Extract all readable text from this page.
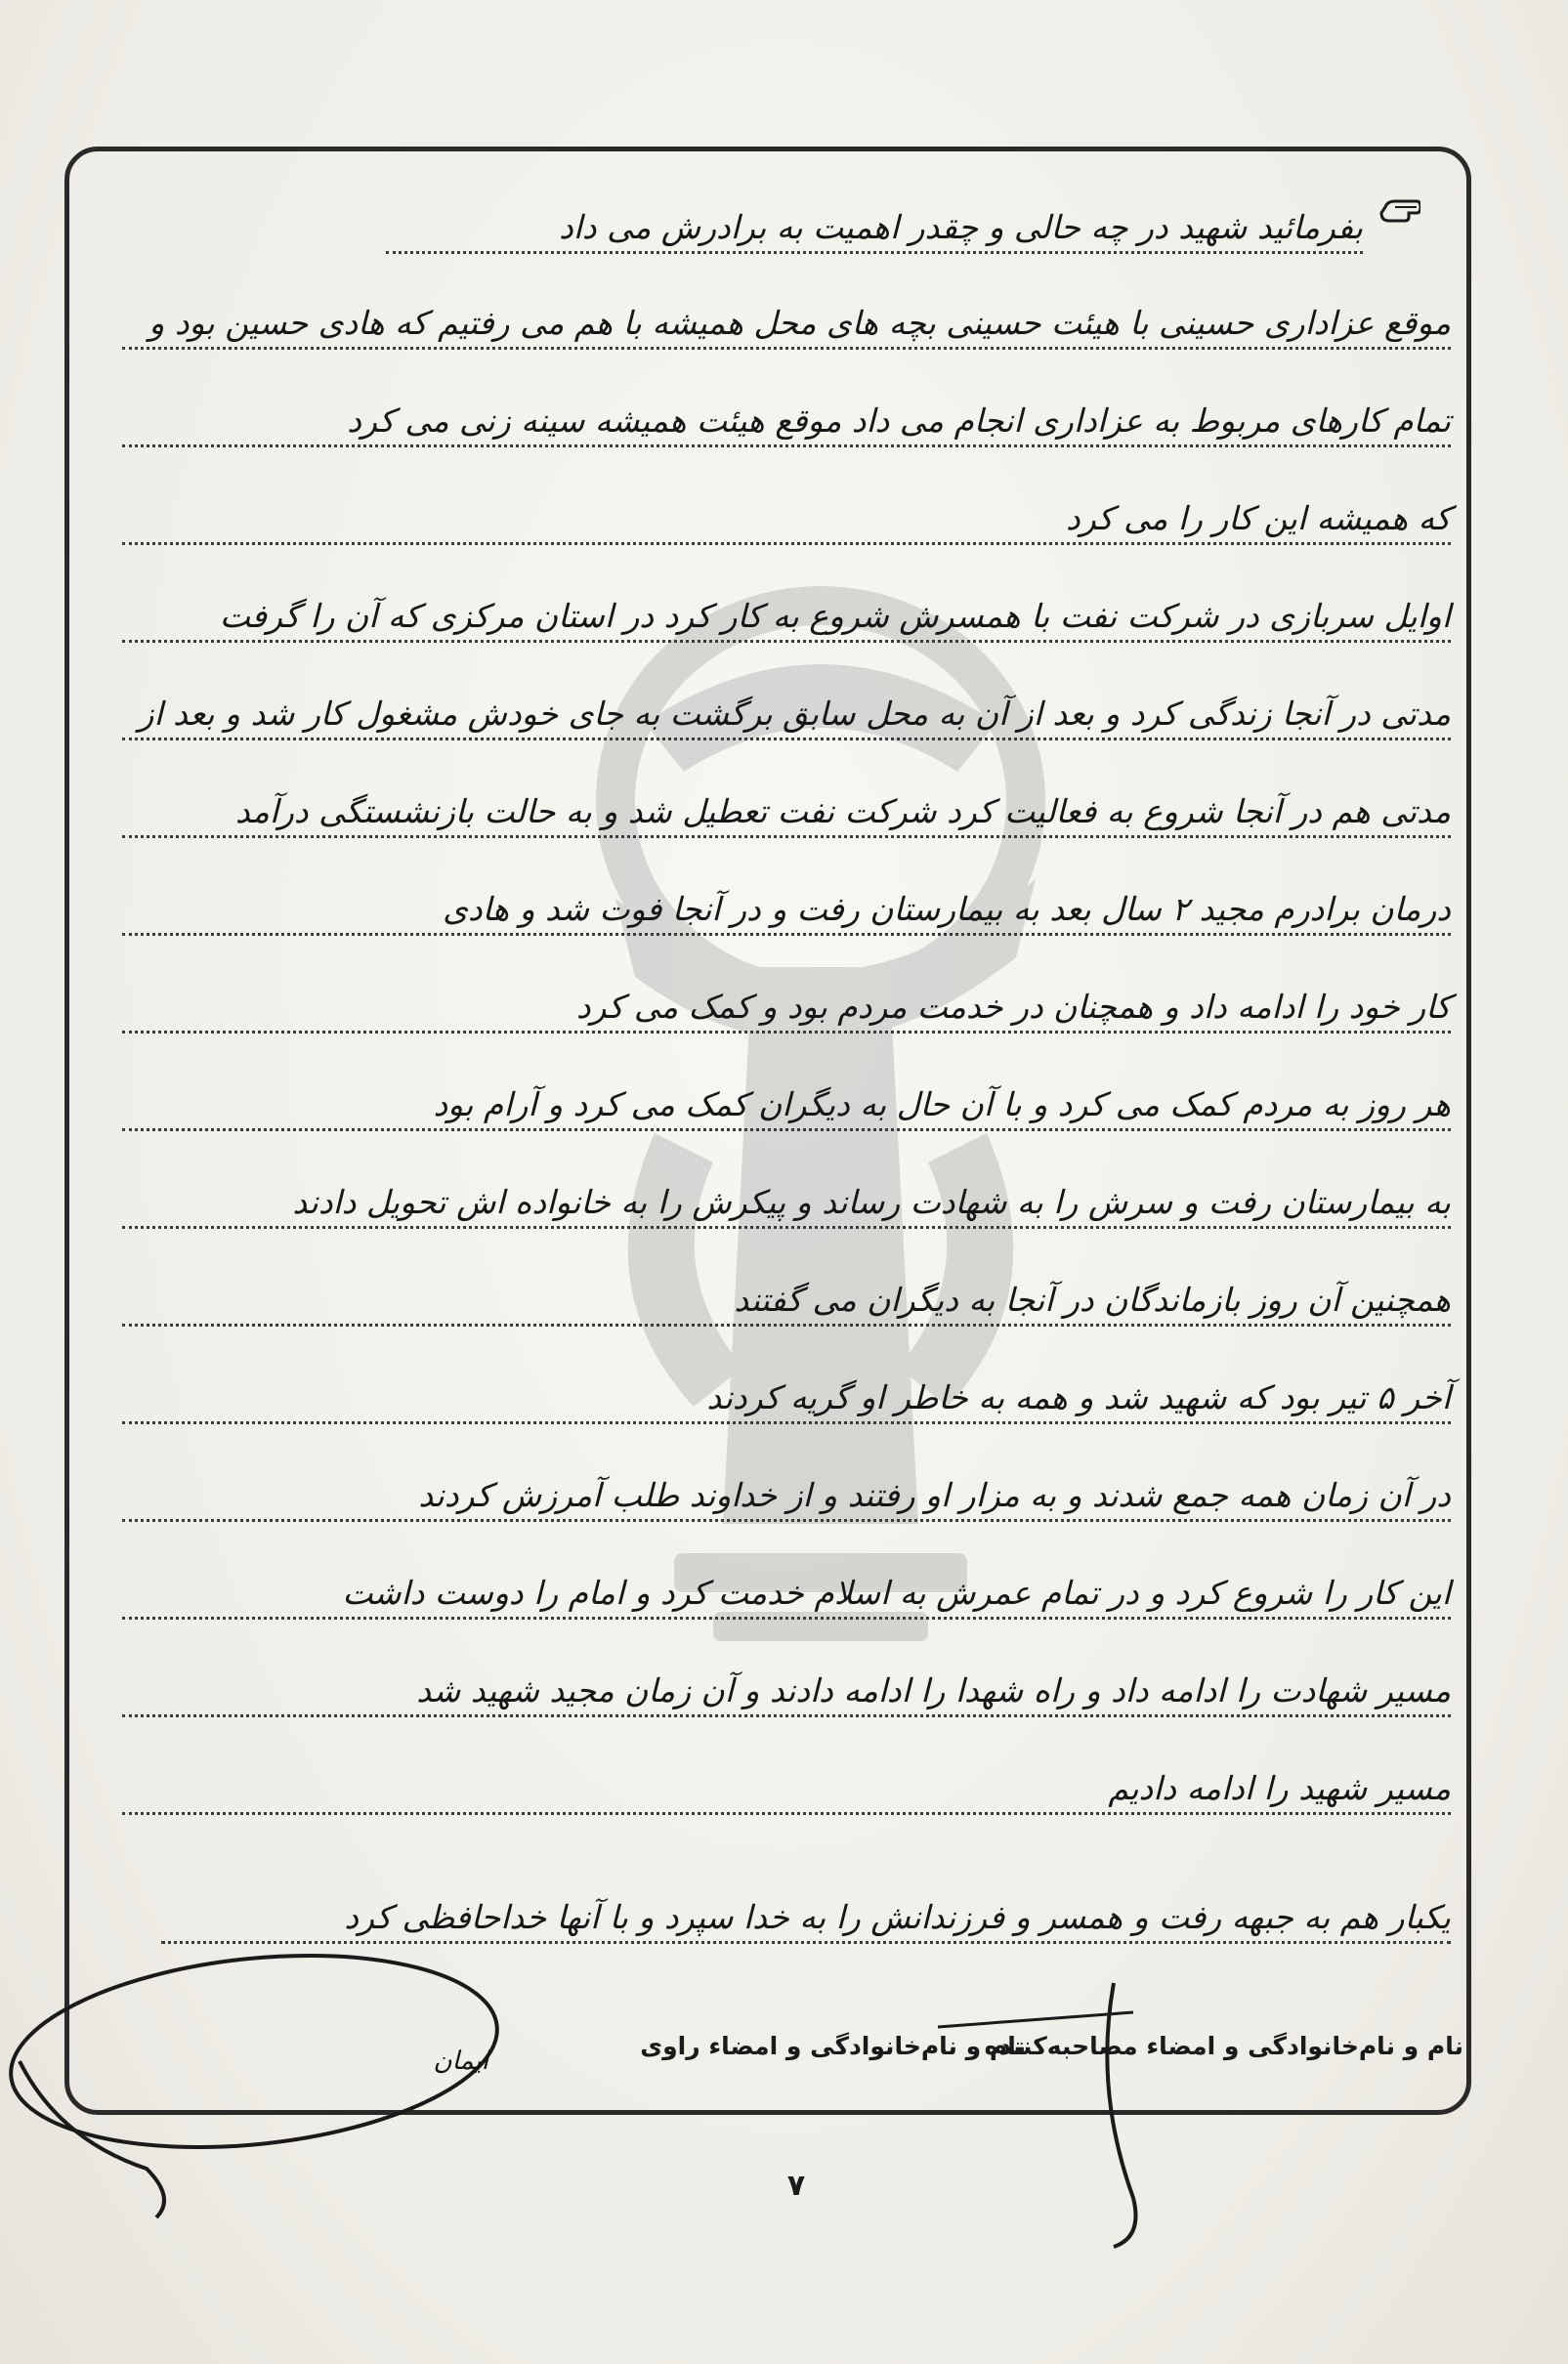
بفرمائید شهید در چه حالی و چقدر اهمیت به برادرش می داد
موقع عزاداری حسینی با هیئت حسینی بچه های محل همیشه با هم می رفتیم که هادی حسین بود و
تمام کارهای مربوط به عزاداری انجام می داد موقع هیئت همیشه سینه زنی می کرد
که همیشه این کار را می کرد
اوایل سربازی در شرکت نفت با همسرش شروع به کار کرد در استان مرکزی که آن را گرفت
مدتی در آنجا زندگی کرد و بعد از آن به محل سابق برگشت به جای خودش مشغول کار شد و بعد از
مدتی هم در آنجا شروع به فعالیت کرد شرکت نفت تعطیل شد و به حالت بازنشستگی درآمد
درمان برادرم مجید ۲ سال بعد به بیمارستان رفت و در آنجا فوت شد و هادی
کار خود را ادامه داد و همچنان در خدمت مردم بود و کمک می کرد
هر روز به مردم کمک می کرد و با آن حال به دیگران کمک می کرد و آرام بود
به بیمارستان رفت و سرش را به شهادت رساند و پیکرش را به خانواده اش تحویل دادند
همچنین آن روز بازماندگان در آنجا به دیگران می گفتند
آخر ۵ تیر بود که شهید شد و همه به خاطر او گریه کردند
در آن زمان همه جمع شدند و به مزار او رفتند و از خداوند طلب آمرزش کردند
این کار را شروع کرد و در تمام عمرش به اسلام خدمت کرد و امام را دوست داشت
مسیر شهادت را ادامه داد و راه شهدا را ادامه دادند و آن زمان مجید شهید شد
مسیر شهید را ادامه دادیم
یکبار هم به جبهه رفت و همسر و فرزندانش را به خدا سپرد و با آنها خداحافظی کرد
نام و نام‌خانوادگی و امضاء راوی
نام و نام‌خانوادگی و امضاء مصاحبه‌کننده
ایمان
۷
